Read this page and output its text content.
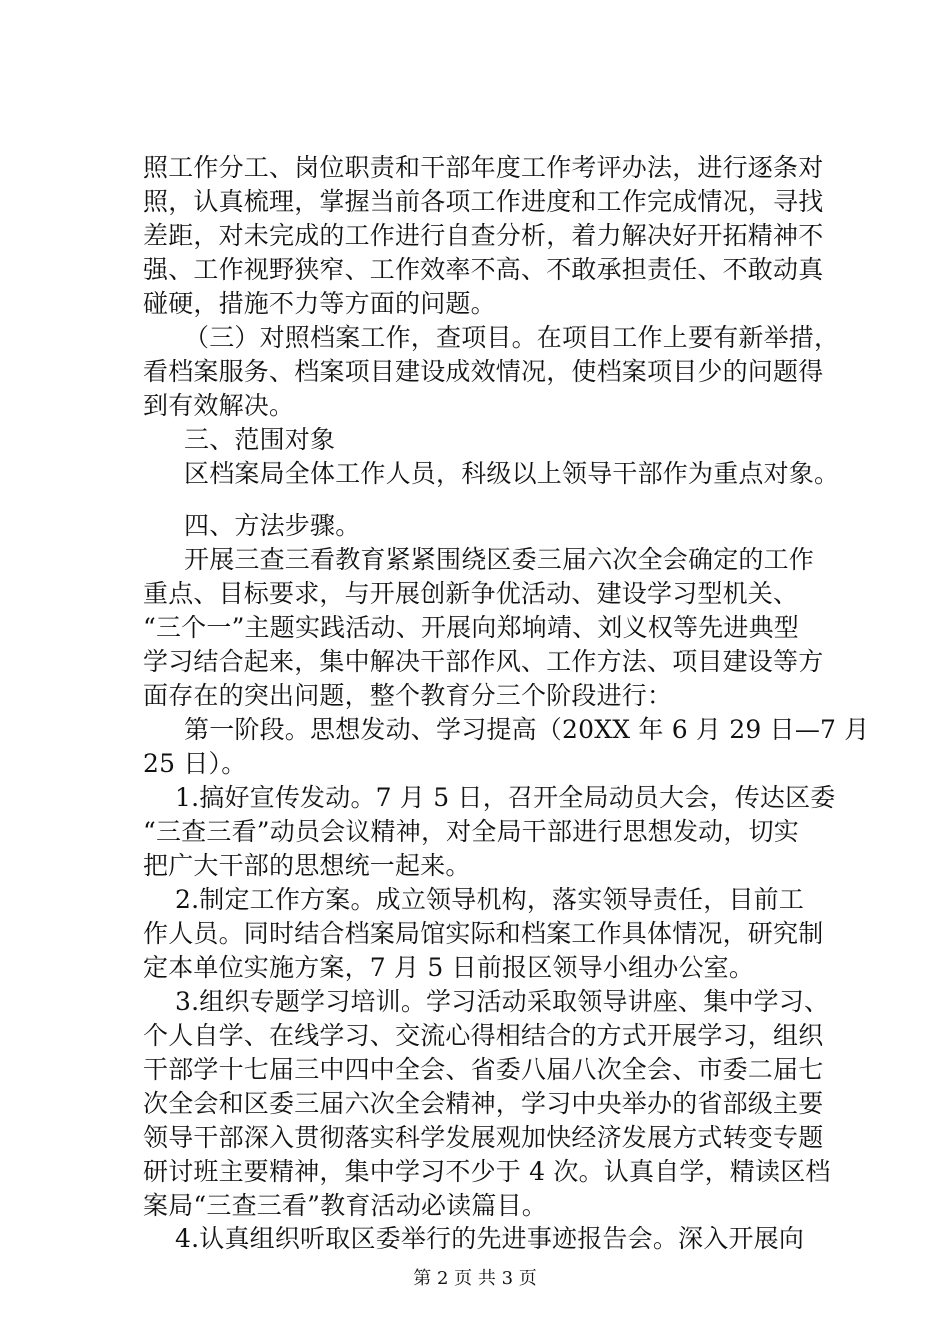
照工作分工、岗位职责和干部年度工作考评办法，进行逐条对
照，认真梳理，掌握当前各项工作进度和工作完成情况，寻找
差距，对未完成的工作进行自查分析，着力解决好开拓精神不
强、工作视野狭窄、工作效率不高、不敢承担责任、不敢动真
碰硬，措施不力等方面的问题。
（三）对照档案工作，查项目。在项目工作上要有新举措，
看档案服务、档案项目建设成效情况，使档案项目少的问题得
到有效解决。
三、范围对象
区档案局全体工作人员，科级以上领导干部作为重点对象。
四、方法步骤。
开展三查三看教育紧紧围绕区委三届六次全会确定的工作
重点、目标要求，与开展创新争优活动、建设学习型机关、
“三个一”主题实践活动、开展向郑垧靖、刘义权等先进典型
学习结合起来，集中解决干部作风、工作方法、项目建设等方
面存在的突出问题，整个教育分三个阶段进行：
第一阶段。思想发动、学习提高（20XX 年 6 月 29 日—7 月
25 日）。
1.搞好宣传发动。7 月 5 日，召开全局动员大会，传达区委
“三查三看”动员会议精神，对全局干部进行思想发动，切实
把广大干部的思想统一起来。
2.制定工作方案。成立领导机构，落实领导责任，目前工
作人员。同时结合档案局馆实际和档案工作具体情况，研究制
定本单位实施方案，7 月 5 日前报区领导小组办公室。
3.组织专题学习培训。学习活动采取领导讲座、集中学习、
个人自学、在线学习、交流心得相结合的方式开展学习，组织
干部学十七届三中四中全会、省委八届八次全会、市委二届七
次全会和区委三届六次全会精神，学习中央举办的省部级主要
领导干部深入贯彻落实科学发展观加快经济发展方式转变专题
研讨班主要精神，集中学习不少于 4 次。认真自学，精读区档
案局“三查三看”教育活动必读篇目。
4.认真组织听取区委举行的先进事迹报告会。深入开展向
第 2 页 共 3 页
